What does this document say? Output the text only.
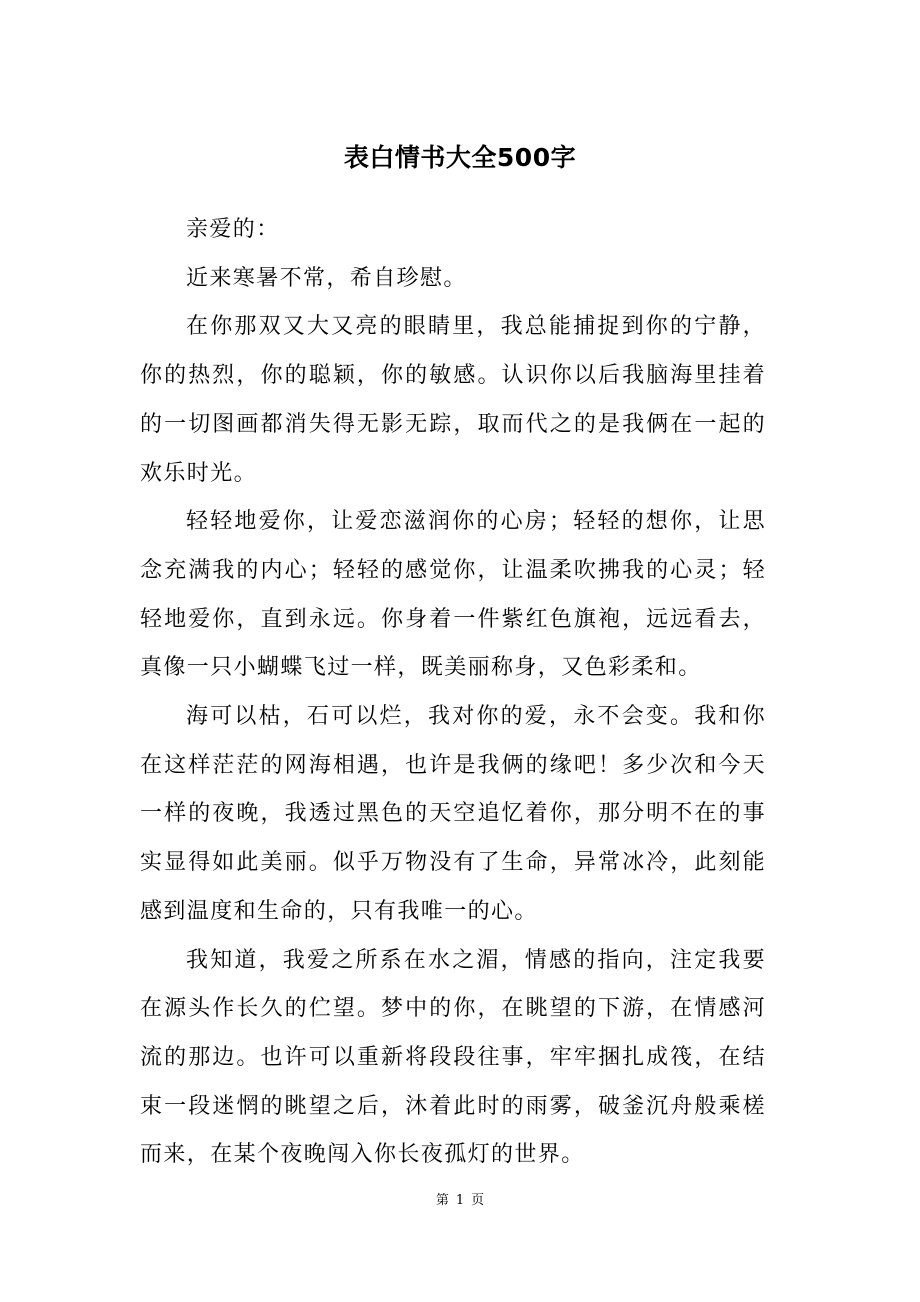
表白情书大全500字

亲爱的：

近来寒暑不常，希自珍慰。

在你那双又大又亮的眼睛里，我总能捕捉到你的宁静，你的热烈，你的聪颖，你的敏感。认识你以后我脑海里挂着的一切图画都消失得无影无踪，取而代之的是我俩在一起的欢乐时光。

轻轻地爱你，让爱恋滋润你的心房；轻轻的想你，让思念充满我的内心；轻轻的感觉你，让温柔吹拂我的心灵；轻轻地爱你，直到永远。你身着一件紫红色旗袍，远远看去，真像一只小蝴蝶飞过一样，既美丽称身，又色彩柔和。

海可以枯，石可以烂，我对你的爱，永不会变。我和你在这样茫茫的网海相遇，也许是我俩的缘吧！多少次和今天一样的夜晚，我透过黑色的天空追忆着你，那分明不在的事实显得如此美丽。似乎万物没有了生命，异常冰冷，此刻能感到温度和生命的，只有我唯一的心。

我知道，我爱之所系在水之湄，情感的指向，注定我要在源头作长久的伫望。梦中的你，在眺望的下游，在情感河流的那边。也许可以重新将段段往事，牢牢捆扎成筏，在结束一段迷惘的眺望之后，沐着此时的雨雾，破釜沉舟般乘槎而来，在某个夜晚闯入你长夜孤灯的世界。

第 1 页
